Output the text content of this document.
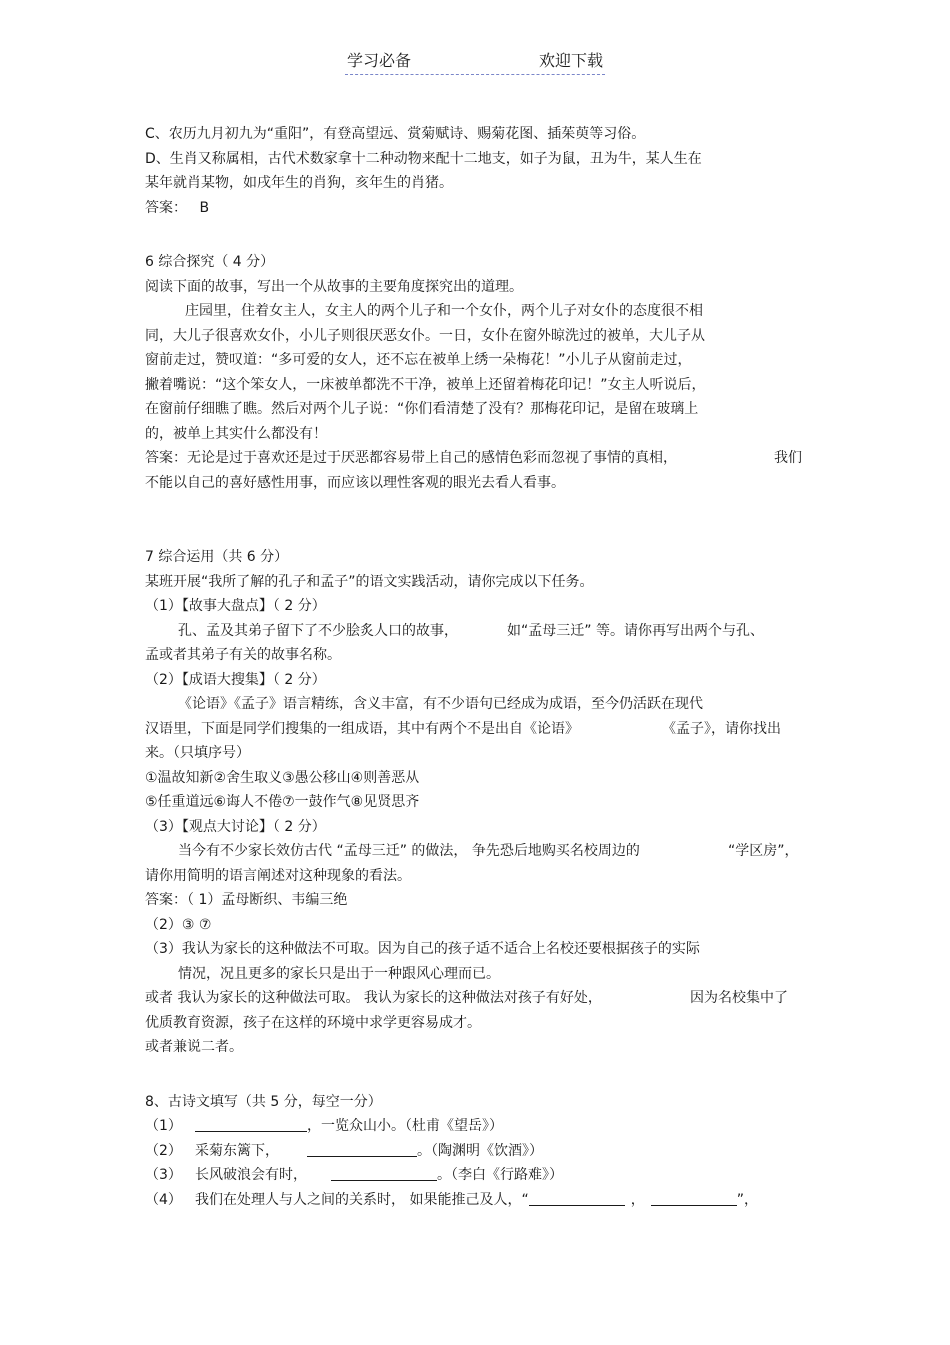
学习必备	欢迎下载
C、农历九月初九为“重阳”，有登高望远、赏菊赋诗、赐菊花图、插茱萸等习俗。
D、生肖又称属相，古代术数家拿十二种动物来配十二地支，如子为鼠，丑为牛，某人生在
某年就肖某物，如戌年生的肖狗，亥年生的肖猪。
答案： B
6 综合探究（ 4 分）
阅读下面的故事，写出一个从故事的主要角度探究出的道理。
庄园里，住着女主人，女主人的两个儿子和一个女仆，两个儿子对女仆的态度很不相
同，大儿子很喜欢女仆，小儿子则很厌恶女仆。一日，女仆在窗外晾洗过的被单，大儿子从
窗前走过，赞叹道：“多可爱的女人，还不忘在被单上绣一朵梅花！”小儿子从窗前走过，
撇着嘴说：“这个笨女人，一床被单都洗不干净，被单上还留着梅花印记！”女主人听说后，
在窗前仔细瞧了瞧。然后对两个儿子说：“你们看清楚了没有？那梅花印记，是留在玻璃上
的，被单上其实什么都没有！
答案：无论是过于喜欢还是过于厌恶都容易带上自己的感情色彩而忽视了事情的真相，	我们
不能以自己的喜好感性用事，而应该以理性客观的眼光去看人看事。
7 综合运用（共 6 分）
某班开展“我所了解的孔子和孟子”的语文实践活动，请你完成以下任务。
（1）【故事大盘点】（ 2 分）
孔、孟及其弟子留下了不少脍炙人口的故事，	如“孟母三迁” 等。请你再写出两个与孔、
孟或者其弟子有关的故事名称。
（2）【成语大搜集】（ 2 分）
《论语》《孟子》语言精练，含义丰富，有不少语句已经成为成语，至今仍活跃在现代
汉语里，下面是同学们搜集的一组成语，其中有两个不是出自《论语》	《孟子》，请你找出
来。（只填序号）
①温故知新②舍生取义③愚公移山④则善恶从
⑤任重道远⑥诲人不倦⑦一鼓作气⑧见贤思齐
（3）【观点大讨论】（ 2 分）
当今有不少家长效仿古代 “孟母三迁” 的做法， 争先恐后地购买名校周边的	“学区房”，
请你用简明的语言阐述对这种现象的看法。
答案：（ 1）孟母断织、韦编三绝
（2）③ ⑦
（3）我认为家长的这种做法不可取。因为自己的孩子适不适合上名校还要根据孩子的实际
情况，况且更多的家长只是出于一种跟风心理而已。
或者 我认为家长的这种做法可取。 我认为家长的这种做法对孩子有好处，	因为名校集中了
优质教育资源，孩子在这样的环境中求学更容易成才。
或者兼说二者。
8、古诗文填写（共 5 分，每空一分）
（1）	，一览众山小。（杜甫《望岳》）
（2） 采菊东篱下，	。（陶渊明《饮酒》）
（3） 长风破浪会有时，	。（李白《行路难》）
（4） 我们在处理人与人之间的关系时， 如果能推己及人，“	，	”，
